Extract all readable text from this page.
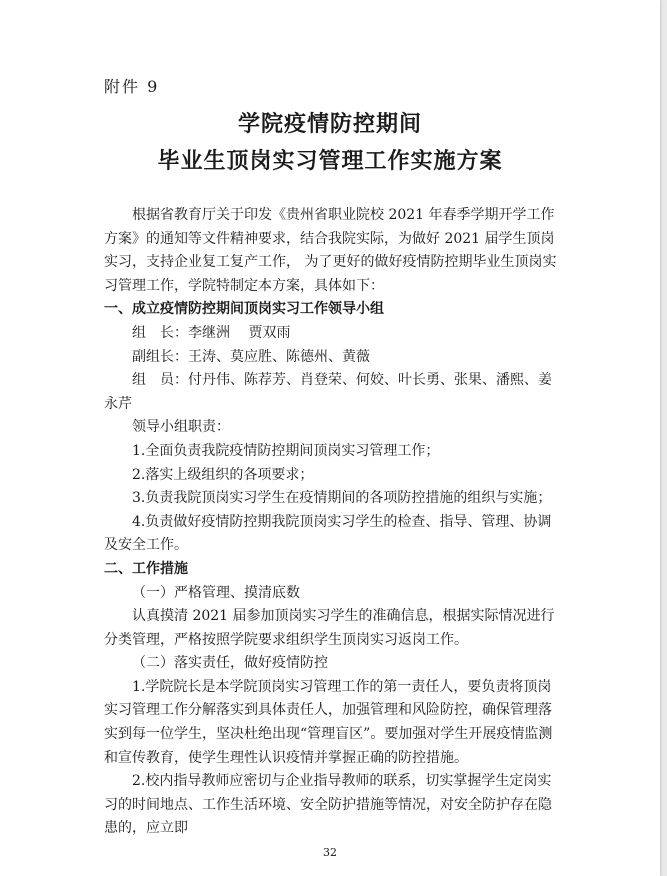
附件 9
学院疫情防控期间
毕业生顶岗实习管理工作实施方案

根据省教育厅关于印发《贵州省职业院校 2021 年春季学期开学工作方案》的通知等文件精神要求，结合我院实际，为做好 2021 届学生顶岗实习，支持企业复工复产工作， 为了更好的做好疫情防控期毕业生顶岗实习管理工作，学院特制定本方案，具体如下：

一、成立疫情防控期间顶岗实习工作领导小组

组　长：李继洲　 贾双雨

副组长：王涛、莫应胜、陈德州、黄薇

组　员：付丹伟、陈荐芳、肖登荣、何姣、叶长勇、张果、潘熙、姜永芹

领导小组职责：

1.全面负责我院疫情防控期间顶岗实习管理工作；

2.落实上级组织的各项要求；

3.负责我院顶岗实习学生在疫情期间的各项防控措施的组织与实施；

4.负责做好疫情防控期我院顶岗实习学生的检查、指导、管理、协调及安全工作。

二、工作措施

（一）严格管理、摸清底数

认真摸清 2021 届参加顶岗实习学生的准确信息，根据实际情况进行分类管理，严格按照学院要求组织学生顶岗实习返岗工作。

（二）落实责任，做好疫情防控

1.学院院长是本学院顶岗实习管理工作的第一责任人，要负责将顶岗实习管理工作分解落实到具体责任人，加强管理和风险防控，确保管理落实到每一位学生，坚决杜绝出现“管理盲区”。要加强对学生开展疫情监测和宣传教育，使学生理性认识疫情并掌握正确的防控措施。

2.校内指导教师应密切与企业指导教师的联系，切实掌握学生定岗实习的时间地点、工作生活环境、安全防护措施等情况，对安全防护存在隐患的，应立即

32
